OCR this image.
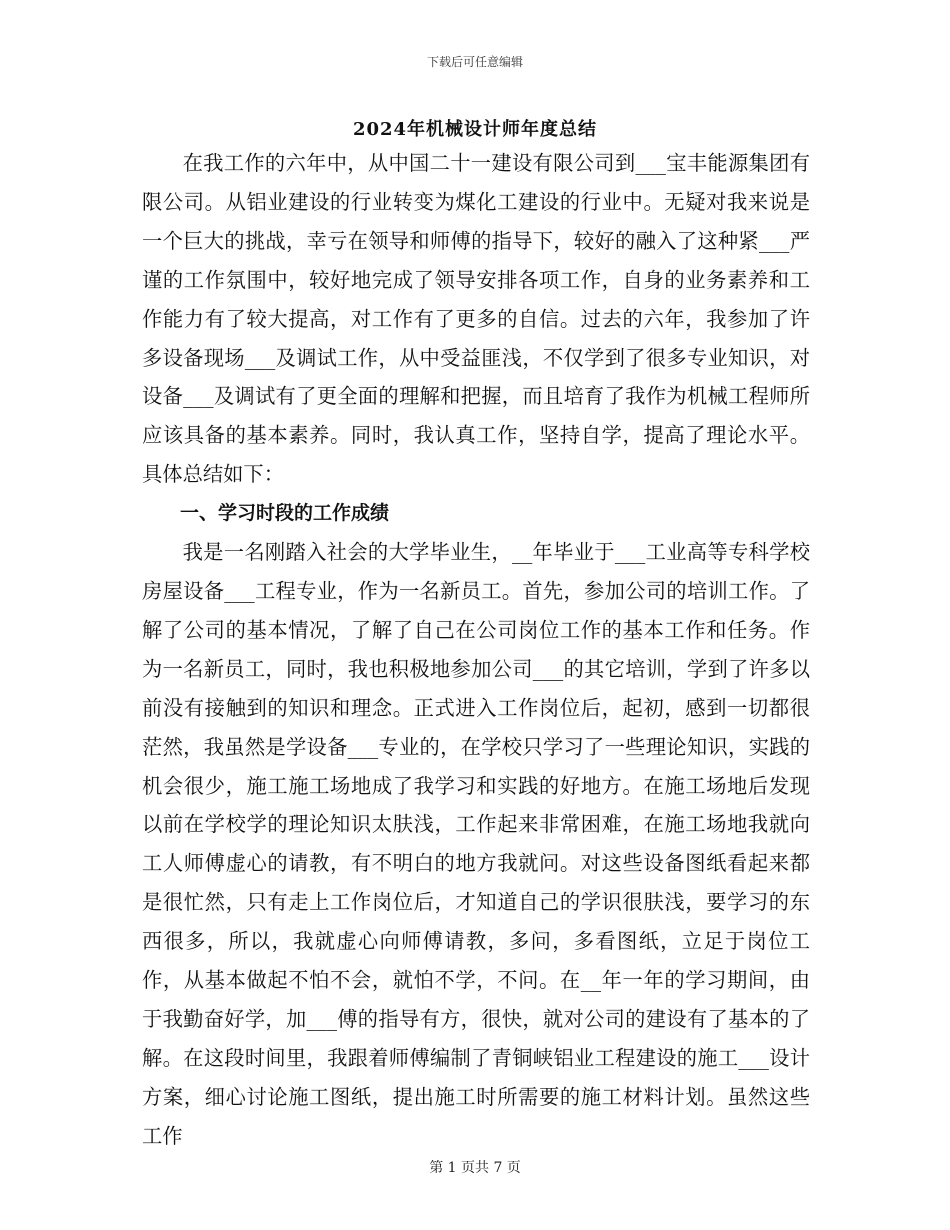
下载后可任意编辑
2024年机械设计师年度总结

在我工作的六年中，从中国二十一建设有限公司到___宝丰能源集团有限公司。从铝业建设的行业转变为煤化工建设的行业中。无疑对我来说是一个巨大的挑战，幸亏在领导和师傅的指导下，较好的融入了这种紧___严谨的工作氛围中，较好地完成了领导安排各项工作，自身的业务素养和工作能力有了较大提高，对工作有了更多的自信。过去的六年，我参加了许多设备现场___及调试工作，从中受益匪浅，不仅学到了很多专业知识，对设备___及调试有了更全面的理解和把握，而且培育了我作为机械工程师所应该具备的基本素养。同时，我认真工作，坚持自学，提高了理论水平。具体总结如下：

一、学习时段的工作成绩

我是一名刚踏入社会的大学毕业生，__年毕业于___工业高等专科学校房屋设备___工程专业，作为一名新员工。首先，参加公司的培训工作。了解了公司的基本情况，了解了自己在公司岗位工作的基本工作和任务。作为一名新员工，同时，我也积极地参加公司___的其它培训，学到了许多以前没有接触到的知识和理念。正式进入工作岗位后，起初，感到一切都很茫然，我虽然是学设备___专业的，在学校只学习了一些理论知识，实践的机会很少，施工施工场地成了我学习和实践的好地方。在施工场地后发现以前在学校学的理论知识太肤浅，工作起来非常困难，在施工场地我就向工人师傅虚心的请教，有不明白的地方我就问。对这些设备图纸看起来都是很忙然，只有走上工作岗位后，才知道自己的学识很肤浅，要学习的东西很多，所以，我就虚心向师傅请教，多问，多看图纸，立足于岗位工作，从基本做起不怕不会，就怕不学，不问。在__年一年的学习期间，由于我勤奋好学，加___傅的指导有方，很快，就对公司的建设有了基本的了解。在这段时间里，我跟着师傅编制了青铜峡铝业工程建设的施工___设计方案，细心讨论施工图纸，提出施工时所需要的施工材料计划。虽然这些工作

第 1 页共 7 页
